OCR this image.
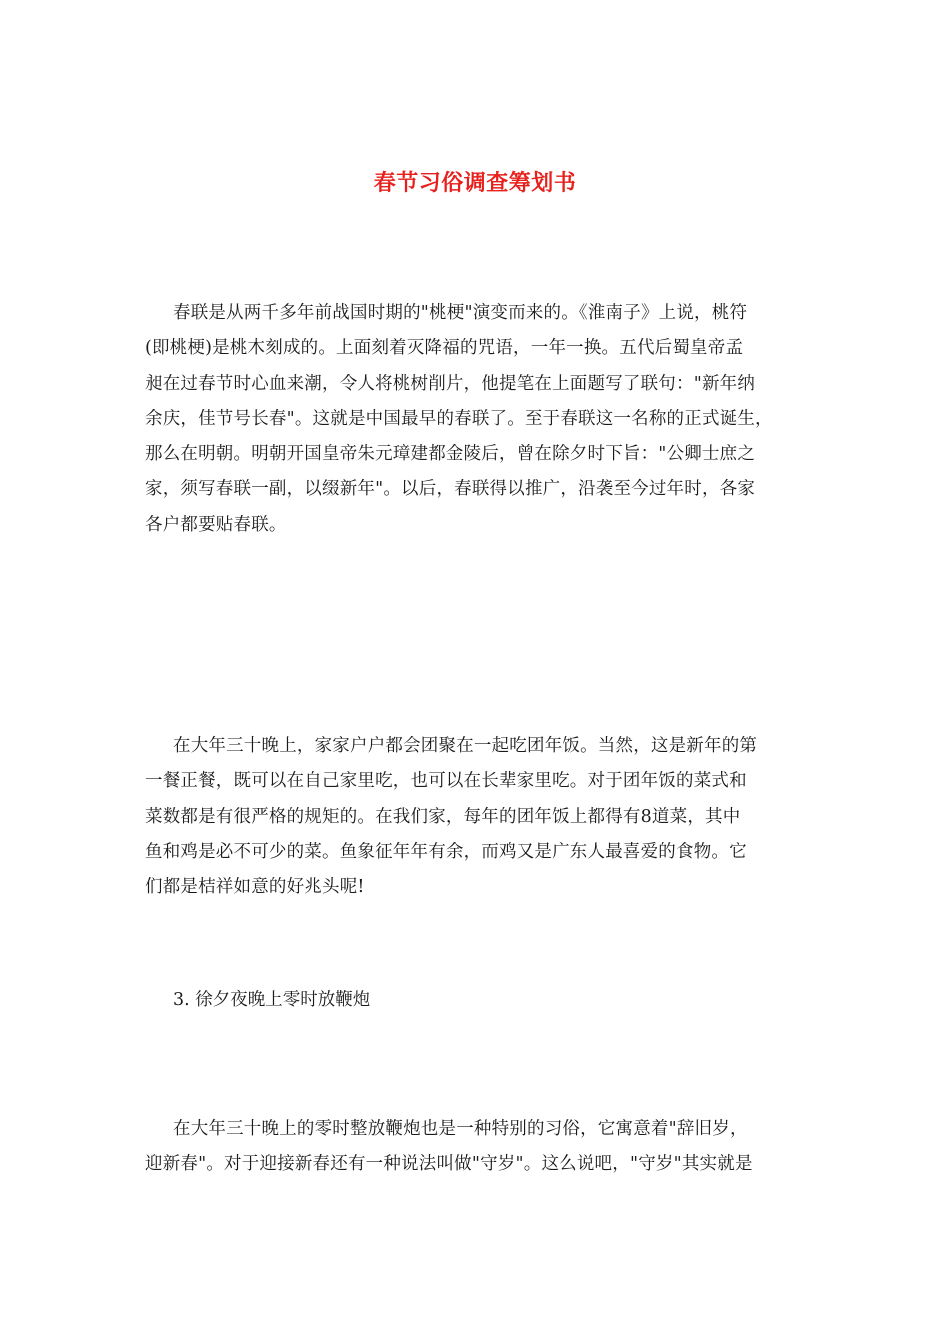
春节习俗调查筹划书
春联是从两千多年前战国时期的"桃梗"演变而来的。《淮南子》上说，桃符
(即桃梗)是桃木刻成的。上面刻着灭降福的咒语，一年一换。五代后蜀皇帝孟
昶在过春节时心血来潮，令人将桃树削片，他提笔在上面题写了联句："新年纳
余庆，佳节号长春"。这就是中国最早的春联了。至于春联这一名称的正式诞生，
那么在明朝。明朝开国皇帝朱元璋建都金陵后，曾在除夕时下旨："公卿士庶之
家，须写春联一副，以缀新年"。以后，春联得以推广，沿袭至今过年时，各家
各户都要贴春联。
在大年三十晚上，家家户户都会团聚在一起吃团年饭。当然，这是新年的第
一餐正餐，既可以在自己家里吃，也可以在长辈家里吃。对于团年饭的菜式和
菜数都是有很严格的规矩的。在我们家，每年的团年饭上都得有8道菜，其中
鱼和鸡是必不可少的菜。鱼象征年年有余，而鸡又是广东人最喜爱的食物。它
们都是桔祥如意的好兆头呢!
3. 徐夕夜晚上零时放鞭炮
在大年三十晚上的零时整放鞭炮也是一种特别的习俗，它寓意着"辞旧岁，
迎新春"。对于迎接新春还有一种说法叫做"守岁"。这么说吧，"守岁"其实就是
